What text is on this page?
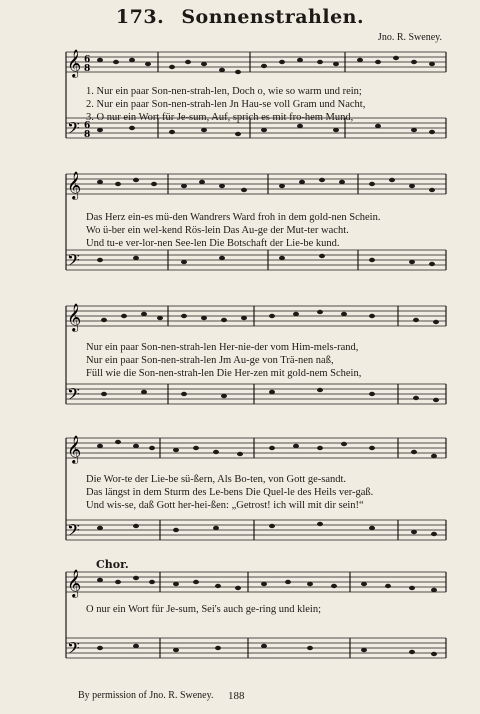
173. Sonnenstrahlen.
Jno. R. Sweney.
𝄞
𝄢
6
8
6
8
1. Nur ein paar Son-nen-strah-len, Doch o, wie so warm und rein;
2. Nur ein paar Son-nen-strah-len Jn Hau-se voll Gram und Nacht,
3. O nur ein Wort für Je-sum, Auf, sprich es mit fro-hem Mund,
𝄞
𝄢
Das Herz ein-es mü-den Wandrers Ward froh in dem gold-nen Schein.
Wo ü-ber ein wel-kend Rös-lein Das Au-ge der Mut-ter wacht.
Und tu-e ver-lor-nen See-len Die Botschaft der Lie-be kund.
𝄞
𝄢
Nur ein paar Son-nen-strah-len Her-nie-der vom Him-mels-rand,
Nur ein paar Son-nen-strah-len Jm Au-ge von Trä-nen naß,
Füll wie die Son-nen-strah-len Die Her-zen mit gold-nem Schein,
𝄞
𝄢
Die Wor-te der Lie-be sü-ßern, Als Bo-ten, von Gott ge-sandt.
Das längst in dem Sturm des Le-bens Die Quel-le des Heils ver-gaß.
Und wis-se, daß Gott her-hei-ßen: „Getrost! ich will mit dir sein!“
Chor.
𝄞
𝄢
O nur ein Wort für Je-sum, Sei's auch ge-ring und klein;
By permission of Jno. R. Sweney. 188
